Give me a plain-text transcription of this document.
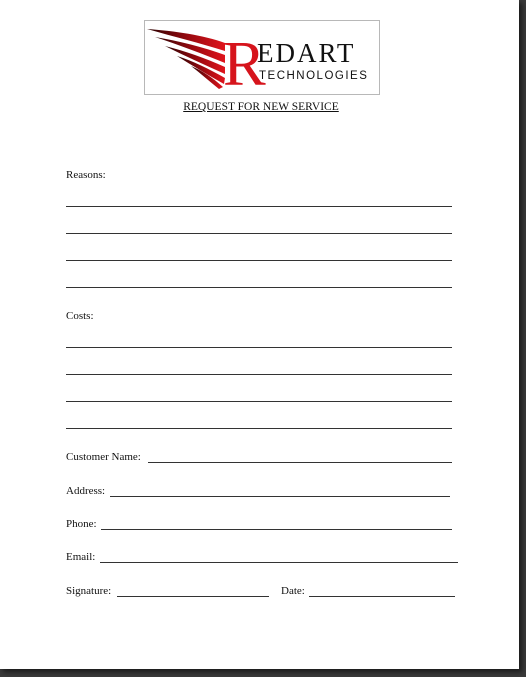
R
EDART
TECHNOLOGIES
REQUEST FOR NEW SERVICE
Reasons:
Costs:
Customer Name:
Address:
Phone:
Email:
Signature:	Date:
